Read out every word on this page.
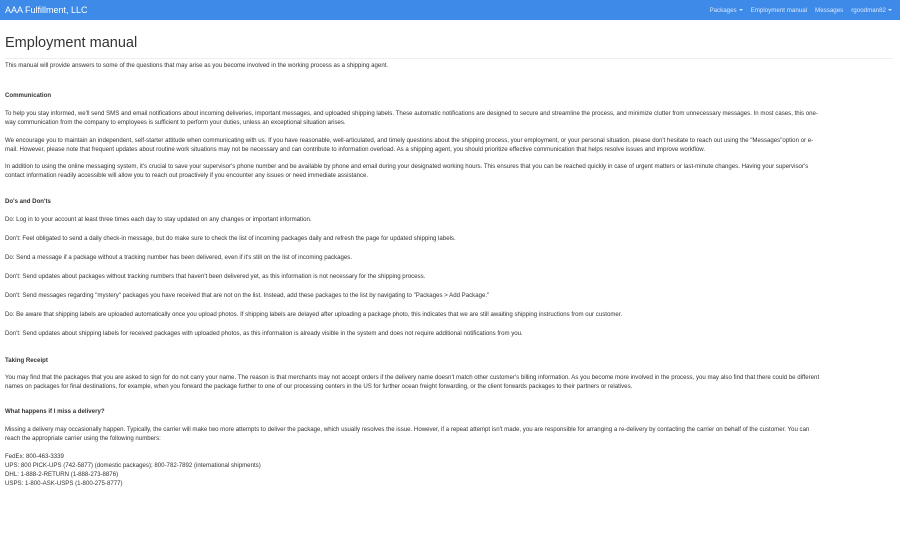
AAA Fulfillment, LLC	Packages Employment manual Messages rgoodman82
Employment manual

This manual will provide answers to some of the questions that may arise as you become involved in the working process as a shipping agent.

Communication

To help you stay informed, we'll send SMS and email notifications about incoming deliveries, important messages, and uploaded shipping labels. These automatic notifications are designed to secure and streamline the process, and minimize clutter from unnecessary messages. In most cases, this one-
way communication from the company to employees is sufficient to perform your duties, unless an exceptional situation arises.

We encourage you to maintain an independent, self-starter attitude when communicating with us. If you have reasonable, well-articulated, and timely questions about the shipping process, your employment, or your personal situation, please don't hesitate to reach out using the "Messages"option or e-
mail. However, please note that frequent updates about routine work situations may not be necessary and can contribute to information overload. As a shipping agent, you should prioritize effective communication that helps resolve issues and improve workflow.

In addition to using the online messaging system, it's crucial to save your supervisor's phone number and be available by phone and email during your designated working hours. This ensures that you can be reached quickly in case of urgent matters or last-minute changes. Having your supervisor's
contact information readily accessible will allow you to reach out proactively if you encounter any issues or need immediate assistance.

Do's and Don'ts

Do: Log in to your account at least three times each day to stay updated on any changes or important information.

Don't: Feel obligated to send a daily check-in message, but do make sure to check the list of incoming packages daily and refresh the page for updated shipping labels.

Do: Send a message if a package without a tracking number has been delivered, even if it's still on the list of incoming packages.

Don't: Send updates about packages without tracking numbers that haven't been delivered yet, as this information is not necessary for the shipping process.

Don't: Send messages regarding "mystery" packages you have received that are not on the list. Instead, add these packages to the list by navigating to "Packages > Add Package."

Do: Be aware that shipping labels are uploaded automatically once you upload photos. If shipping labels are delayed after uploading a package photo, this indicates that we are still awaiting shipping instructions from our customer.

Don't: Send updates about shipping labels for received packages with uploaded photos, as this information is already visible in the system and does not require additional notifications from you.

Taking Receipt

You may find that the packages that you are asked to sign for do not carry your name. The reason is that merchants may not accept orders if the delivery name doesn't match other customer's billing information. As you become more involved in the process, you may also find that there could be different
names on packages for final destinations, for example, when you forward the package further to one of our processing centers in the US for further ocean freight forwarding, or the client forwards packages to their partners or relatives.

What happens if I miss a delivery?

Missing a delivery may occasionally happen. Typically, the carrier will make two more attempts to deliver the package, which usually resolves the issue. However, if a repeat attempt isn't made, you are responsible for arranging a re-delivery by contacting the carrier on behalf of the customer. You can
reach the appropriate carrier using the following numbers:

FedEx: 800-463-3339

UPS: 800 PICK-UPS (742-5877) (domestic packages); 800-782-7892 (international shipments)

DHL: 1-888-2-RETURN (1-888-273-8876)

USPS: 1-800-ASK-USPS (1-800-275-8777)
